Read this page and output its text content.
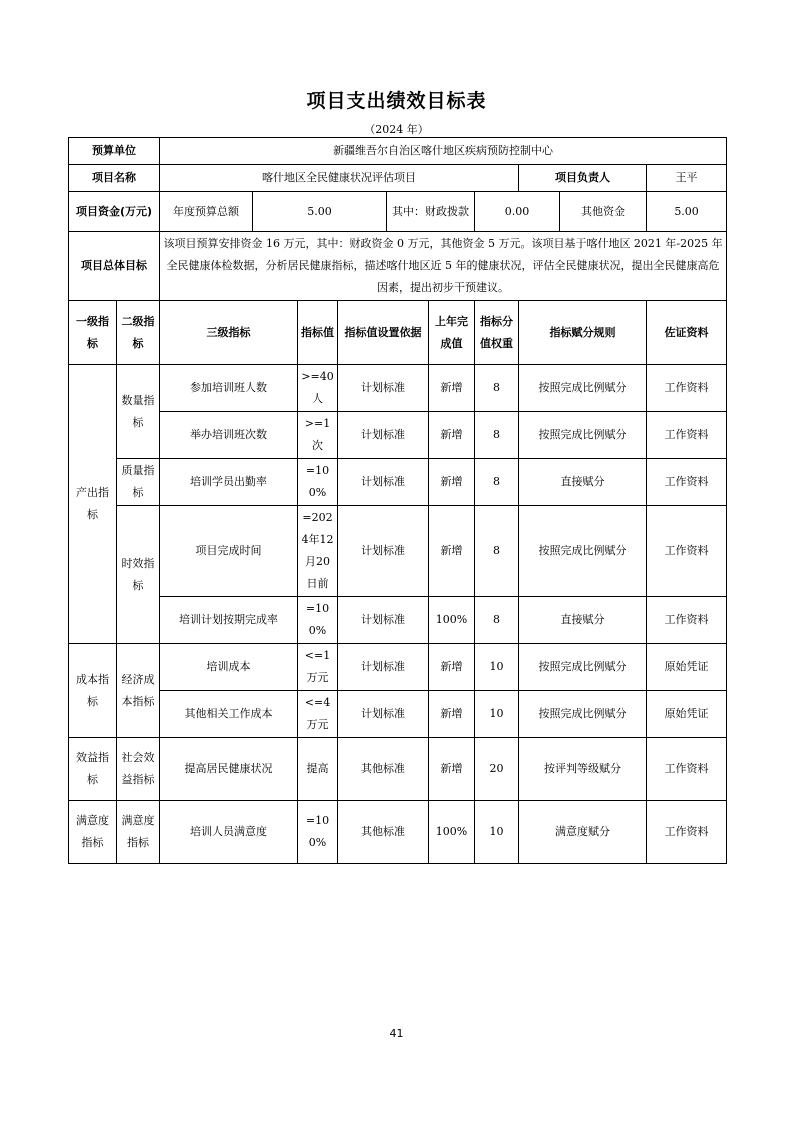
项目支出绩效目标表
（2024 年）
预算单位		新疆维吾尔自治区喀什地区疾病预防控制中心									
项目名称		喀什地区全民健康状况评估项目							项目负责人		王平
项目资金(万元)		年度预算总额	5.00			其中：财政拨款		0.00		其他资金	5.00
项目总体目标		该项目预算安排资金 16 万元，其中：财政资金 0 万元，其他资金 5 万元。该项目基于喀什地区 2021 年-2025 年全民健康体检数据，分析居民健康指标，描述喀什地区近 5 年的健康状况，评估全民健康状况，提出全民健康高危因素，提出初步干预建议。									
一级指标	二级指标	三级指标		指标值	指标值设置依据		上年完成值	指标分值权重	指标赋分规则		佐证资料
产出指标	数量指标	参加培训班人数		>=40人	计划标准		新增	8	按照完成比例赋分		工作资料
		举办培训班次数		>=1次	计划标准		新增	8	按照完成比例赋分		工作资料
	质量指标	培训学员出勤率		=100%	计划标准		新增	8	直接赋分		工作资料
	时效指标	项目完成时间		=2024年12月20日前	计划标准		新增	8	按照完成比例赋分		工作资料
		培训计划按期完成率		=100%	计划标准		100%	8	直接赋分		工作资料
成本指标	经济成本指标	培训成本		<=1万元	计划标准		新增	10	按照完成比例赋分		原始凭证
		其他相关工作成本		<=4万元	计划标准		新增	10	按照完成比例赋分		原始凭证
效益指标	社会效益指标	提高居民健康状况		提高	其他标准		新增	20	按评判等级赋分		工作资料
满意度指标	满意度指标	培训人员满意度		=100%	其他标准		100%	10	满意度赋分		工作资料
41
